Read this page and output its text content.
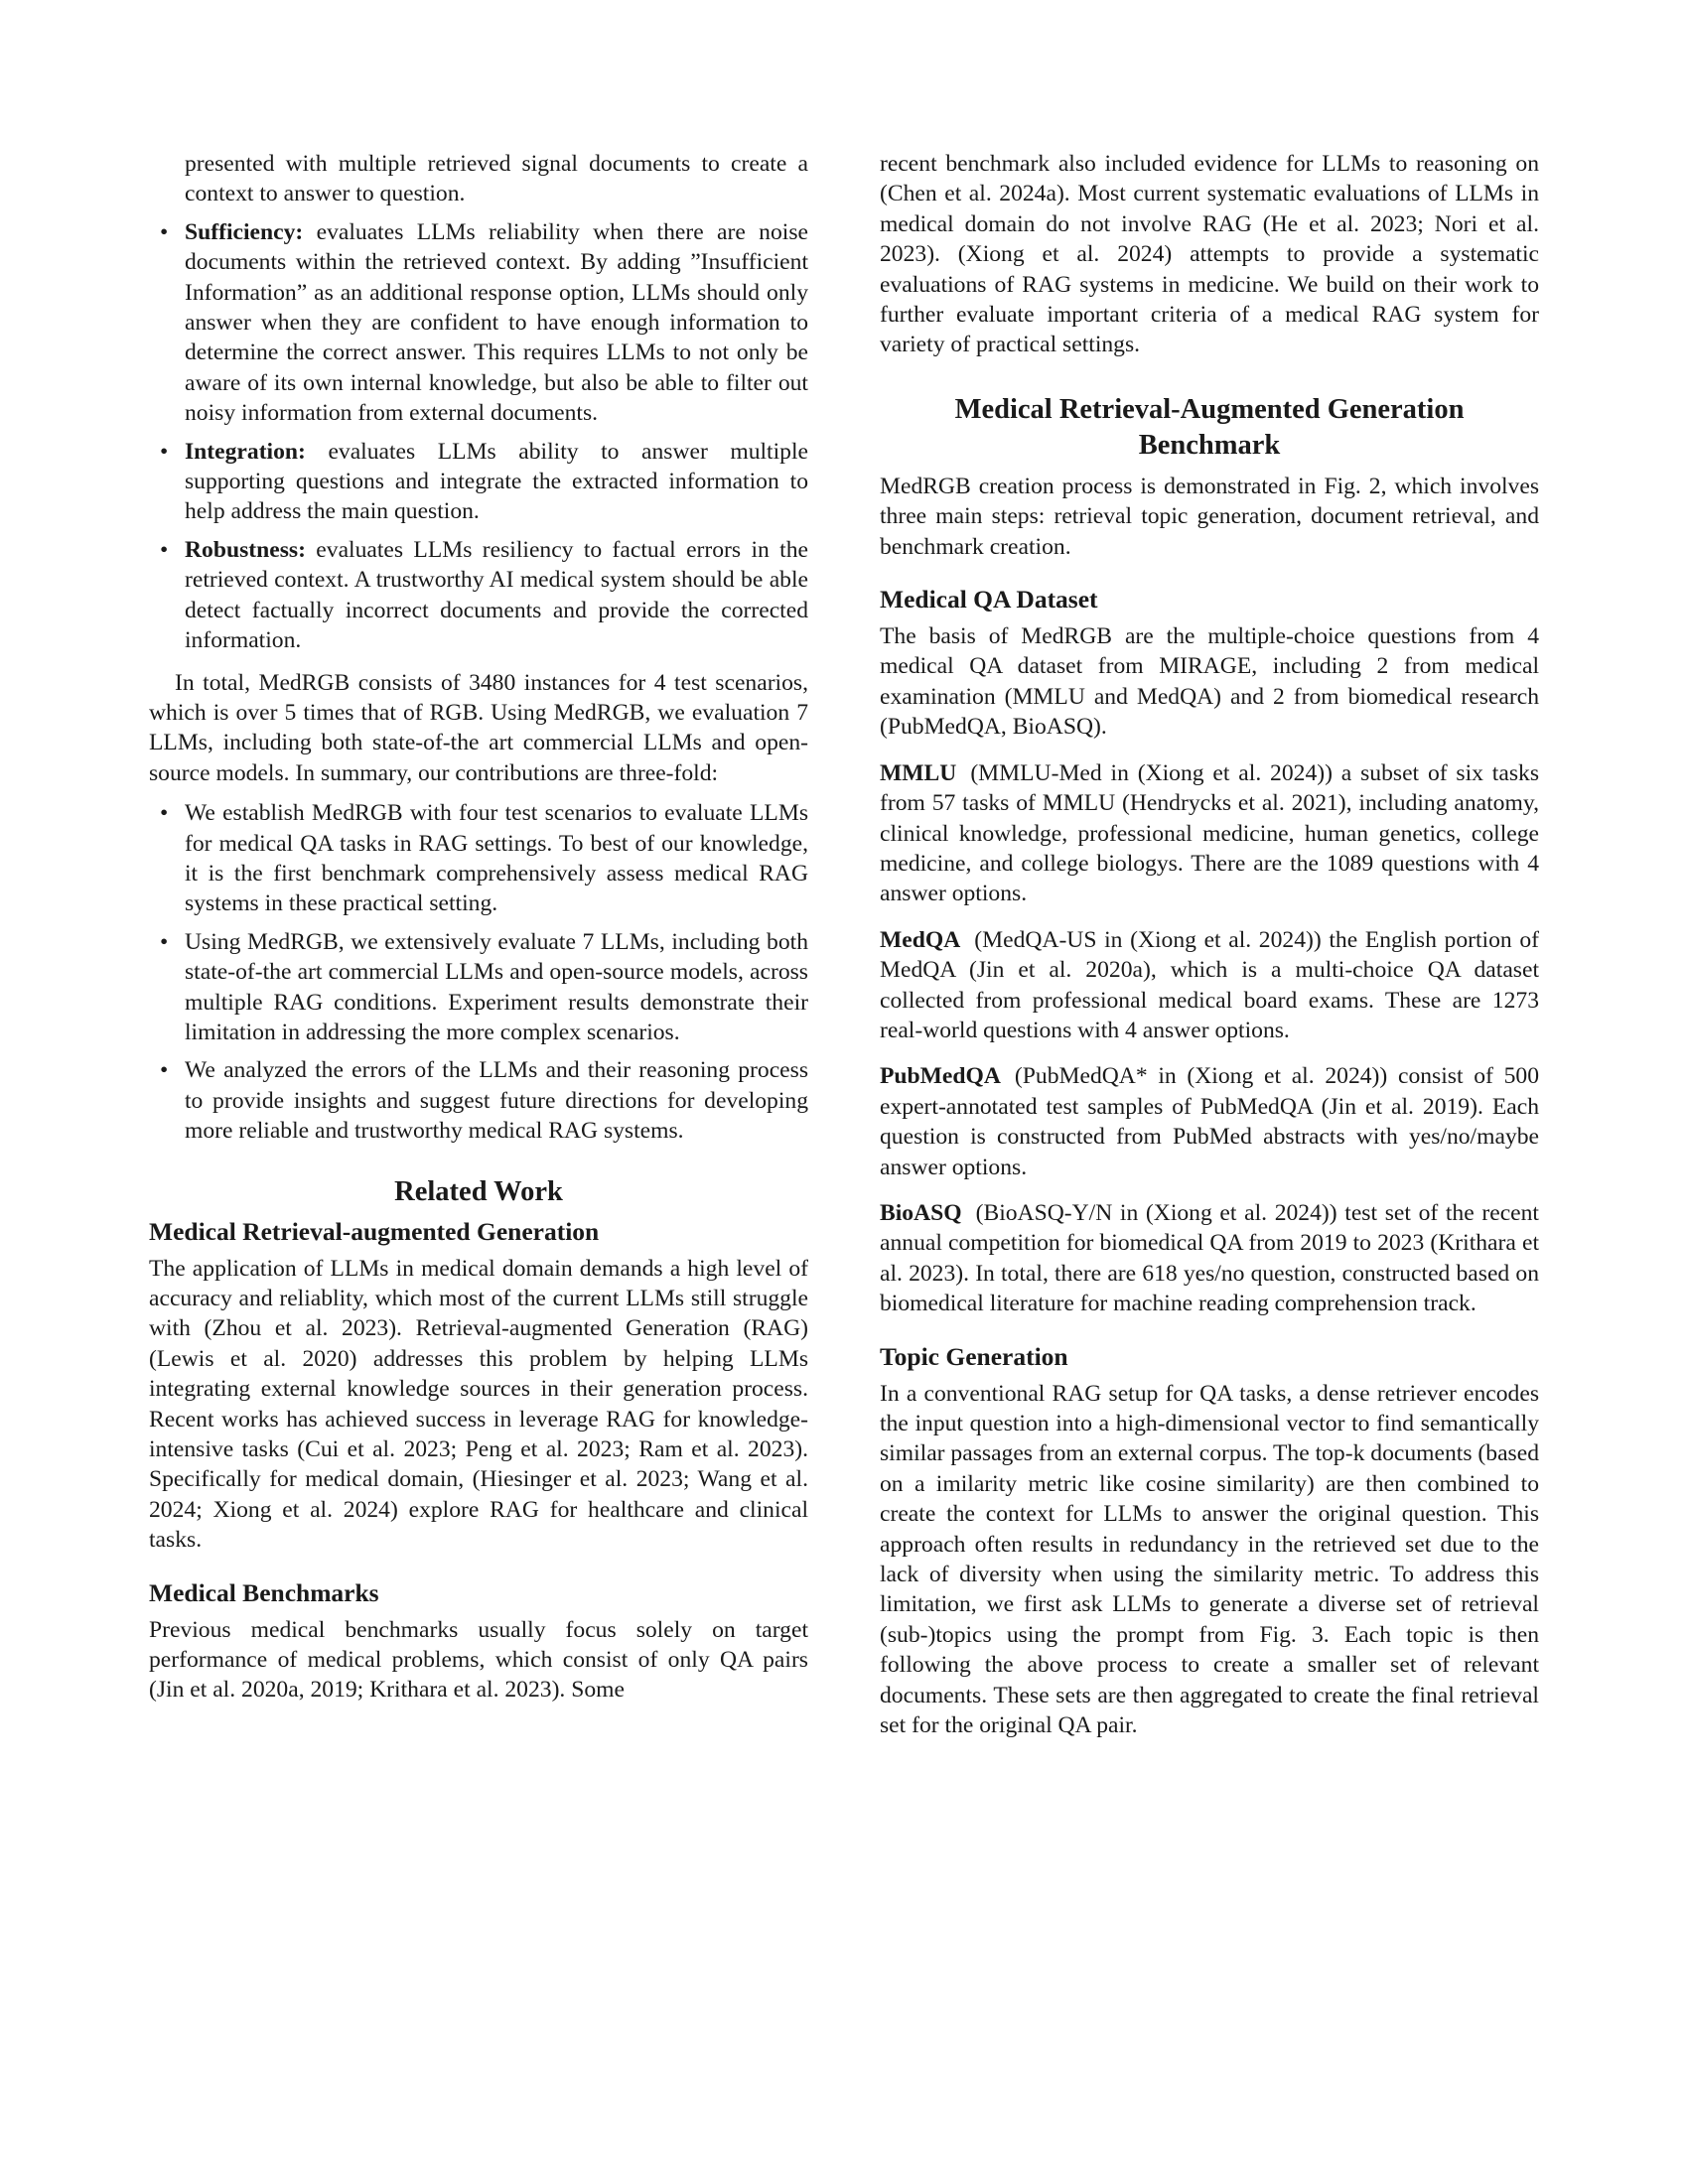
presented with multiple retrieved signal documents to create a context to answer to question.

• Sufficiency: evaluates LLMs reliability when there are noise documents within the retrieved context. By adding ”Insufficient Information” as an additional response option, LLMs should only answer when they are confident to have enough information to determine the correct answer. This requires LLMs to not only be aware of its own internal knowledge, but also be able to filter out noisy information from external documents.

• Integration: evaluates LLMs ability to answer multiple supporting questions and integrate the extracted information to help address the main question.

• Robustness: evaluates LLMs resiliency to factual errors in the retrieved context. A trustworthy AI medical system should be able detect factually incorrect documents and provide the corrected information.

In total, MedRGB consists of 3480 instances for 4 test scenarios, which is over 5 times that of RGB. Using MedRGB, we evaluation 7 LLMs, including both state-of-the art commercial LLMs and open-source models. In summary, our contributions are three-fold:

• We establish MedRGB with four test scenarios to evaluate LLMs for medical QA tasks in RAG settings. To best of our knowledge, it is the first benchmark comprehensively assess medical RAG systems in these practical setting.

• Using MedRGB, we extensively evaluate 7 LLMs, including both state-of-the art commercial LLMs and open-source models, across multiple RAG conditions. Experiment results demonstrate their limitation in addressing the more complex scenarios.

• We analyzed the errors of the LLMs and their reasoning process to provide insights and suggest future directions for developing more reliable and trustworthy medical RAG systems.

Related Work
Medical Retrieval-augmented Generation

The application of LLMs in medical domain demands a high level of accuracy and reliablity, which most of the current LLMs still struggle with (Zhou et al. 2023). Retrieval-augmented Generation (RAG) (Lewis et al. 2020) addresses this problem by helping LLMs integrating external knowledge sources in their generation process. Recent works has achieved success in leverage RAG for knowledge-intensive tasks (Cui et al. 2023; Peng et al. 2023; Ram et al. 2023). Specifically for medical domain, (Hiesinger et al. 2023; Wang et al. 2024; Xiong et al. 2024) explore RAG for healthcare and clinical tasks.

Medical Benchmarks

Previous medical benchmarks usually focus solely on target performance of medical problems, which consist of only QA pairs (Jin et al. 2020a, 2019; Krithara et al. 2023). Some

recent benchmark also included evidence for LLMs to reasoning on (Chen et al. 2024a). Most current systematic evaluations of LLMs in medical domain do not involve RAG (He et al. 2023; Nori et al. 2023). (Xiong et al. 2024) attempts to provide a systematic evaluations of RAG systems in medicine. We build on their work to further evaluate important criteria of a medical RAG system for variety of practical settings.

Medical Retrieval-Augmented Generation
Benchmark

MedRGB creation process is demonstrated in Fig. 2, which involves three main steps: retrieval topic generation, document retrieval, and benchmark creation.

Medical QA Dataset

The basis of MedRGB are the multiple-choice questions from 4 medical QA dataset from MIRAGE, including 2 from medical examination (MMLU and MedQA) and 2 from biomedical research (PubMedQA, BioASQ).

MMLU (MMLU-Med in (Xiong et al. 2024)) a subset of six tasks from 57 tasks of MMLU (Hendrycks et al. 2021), including anatomy, clinical knowledge, professional medicine, human genetics, college medicine, and college biologys. There are the 1089 questions with 4 answer options.

MedQA (MedQA-US in (Xiong et al. 2024)) the English portion of MedQA (Jin et al. 2020a), which is a multi-choice QA dataset collected from professional medical board exams. These are 1273 real-world questions with 4 answer options.

PubMedQA (PubMedQA* in (Xiong et al. 2024)) consist of 500 expert-annotated test samples of PubMedQA (Jin et al. 2019). Each question is constructed from PubMed abstracts with yes/no/maybe answer options.

BioASQ (BioASQ-Y/N in (Xiong et al. 2024)) test set of the recent annual competition for biomedical QA from 2019 to 2023 (Krithara et al. 2023). In total, there are 618 yes/no question, constructed based on biomedical literature for machine reading comprehension track.

Topic Generation

In a conventional RAG setup for QA tasks, a dense retriever encodes the input question into a high-dimensional vector to find semantically similar passages from an external corpus. The top-k documents (based on a imilarity metric like cosine similarity) are then combined to create the context for LLMs to answer the original question. This approach often results in redundancy in the retrieved set due to the lack of diversity when using the similarity metric. To address this limitation, we first ask LLMs to generate a diverse set of retrieval (sub-)topics using the prompt from Fig. 3. Each topic is then following the above process to create a smaller set of relevant documents. These sets are then aggregated to create the final retrieval set for the original QA pair.
